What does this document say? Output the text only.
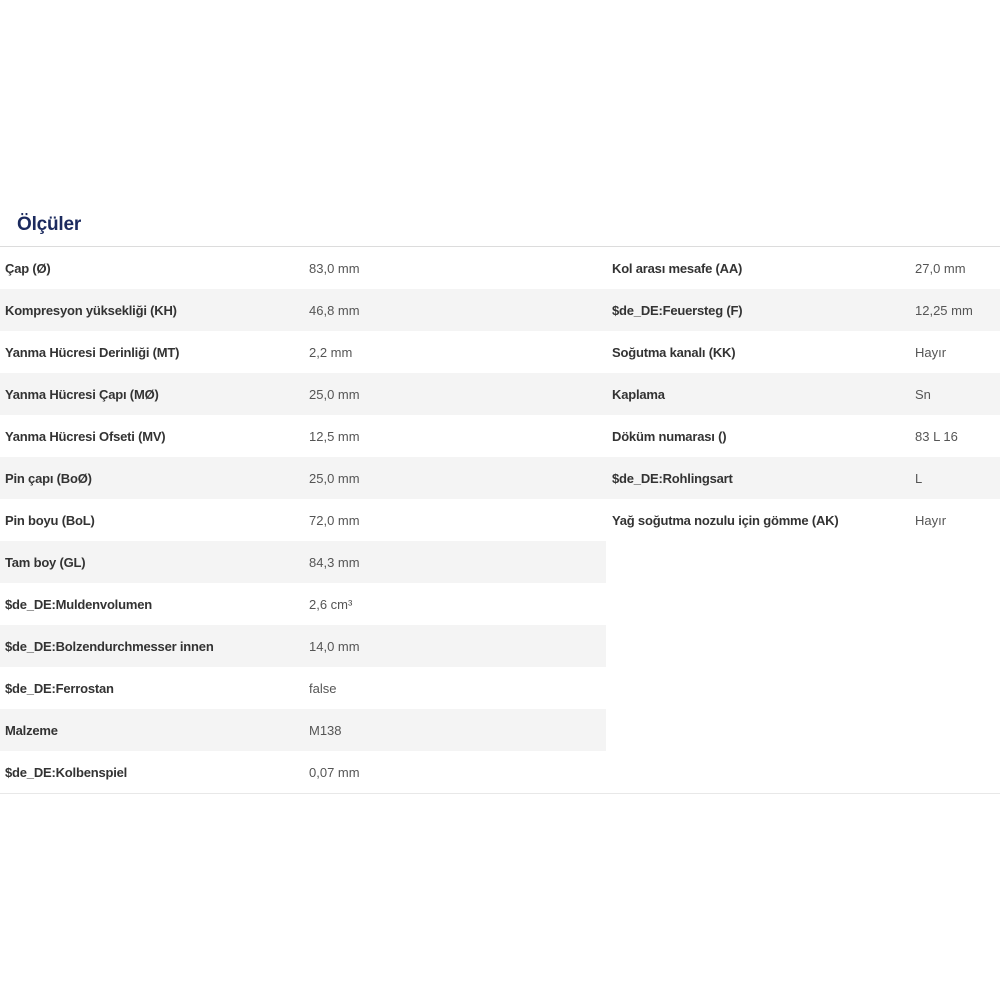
Ölçüler
Çap (Ø)	83,0 mm
Kompresyon yüksekliği (KH)	46,8 mm
Yanma Hücresi Derinliği (MT)	2,2 mm
Yanma Hücresi Çapı (MØ)	25,0 mm
Yanma Hücresi Ofseti (MV)	12,5 mm
Pin çapı (BoØ)	25,0 mm
Pin boyu (BoL)	72,0 mm
Tam boy (GL)	84,3 mm
$de_DE:Muldenvolumen	2,6 cm³
$de_DE:Bolzendurchmesser innen	14,0 mm
$de_DE:Ferrostan	false
Malzeme	M138
$de_DE:Kolbenspiel	0,07 mm
Kol arası mesafe (AA)	27,0 mm
$de_DE:Feuersteg (F)	12,25 mm
Soğutma kanalı (KK)	Hayır
Kaplama	Sn
Döküm numarası ()	83 L 16
$de_DE:Rohlingsart	L
Yağ soğutma nozulu için gömme (AK)	Hayır
